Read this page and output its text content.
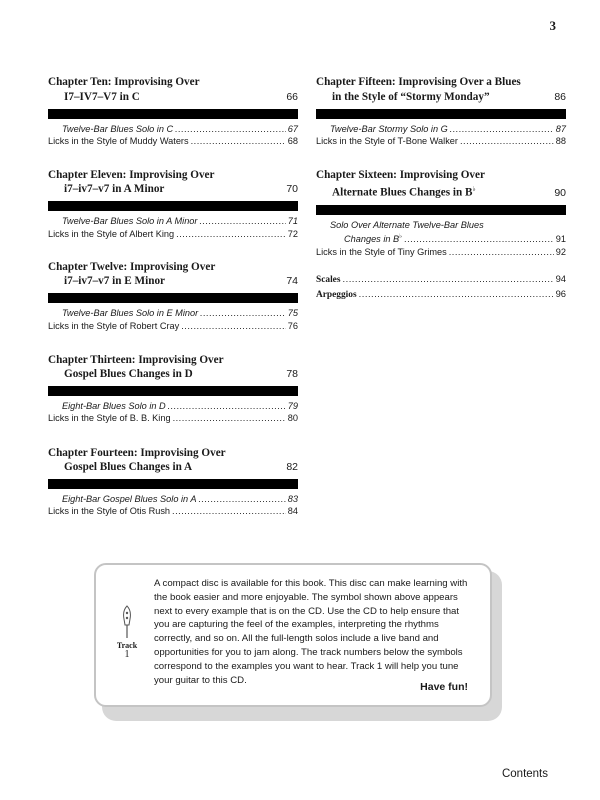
3
Chapter Ten: Improvising Over
I7–IV7–V7 in C	66
Twelve-Bar Blues Solo in C .....	67
Licks in the Style of Muddy Waters .....	68
Chapter Eleven: Improvising Over
i7–iv7–v7 in A Minor	70
Twelve-Bar Blues Solo in A Minor .....	71
Licks in the Style of Albert King .....	72
Chapter Twelve: Improvising Over
i7–iv7–v7 in E Minor	74
Twelve-Bar Blues Solo in E Minor .....	75
Licks in the Style of Robert Cray .....	76
Chapter Thirteen: Improvising Over
Gospel Blues Changes in D	78
Eight-Bar Blues Solo in D .....	79
Licks in the Style of B. B. King .....	80
Chapter Fourteen: Improvising Over
Gospel Blues Changes in A	82
Eight-Bar Gospel Blues Solo in A .....	83
Licks in the Style of Otis Rush .....	84
Chapter Fifteen: Improvising Over a Blues
in the Style of “Stormy Monday”	86
Twelve-Bar Stormy Solo in G .....	87
Licks in the Style of T-Bone Walker .....	88
Chapter Sixteen: Improvising Over
Alternate Blues Changes in B♭	90
Solo Over Alternate Twelve-Bar Blues
Changes in B♭ .....	91
Licks in the Style of Tiny Grimes .....	92
Scales .....	94
Arpeggios .....	96
Track
1
A compact disc is available for this book. This disc can make learning with the book easier and more enjoyable. The symbol shown above appears next to every example that is on the CD. Use the CD to help ensure that you are capturing the feel of the examples, interpreting the rhythms correctly, and so on. All the full-length solos include a live band and opportunities for you to jam along. The track numbers below the symbols correspond to the examples you want to hear. Track 1 will help you tune your guitar to this CD.
Have fun!
Contents
